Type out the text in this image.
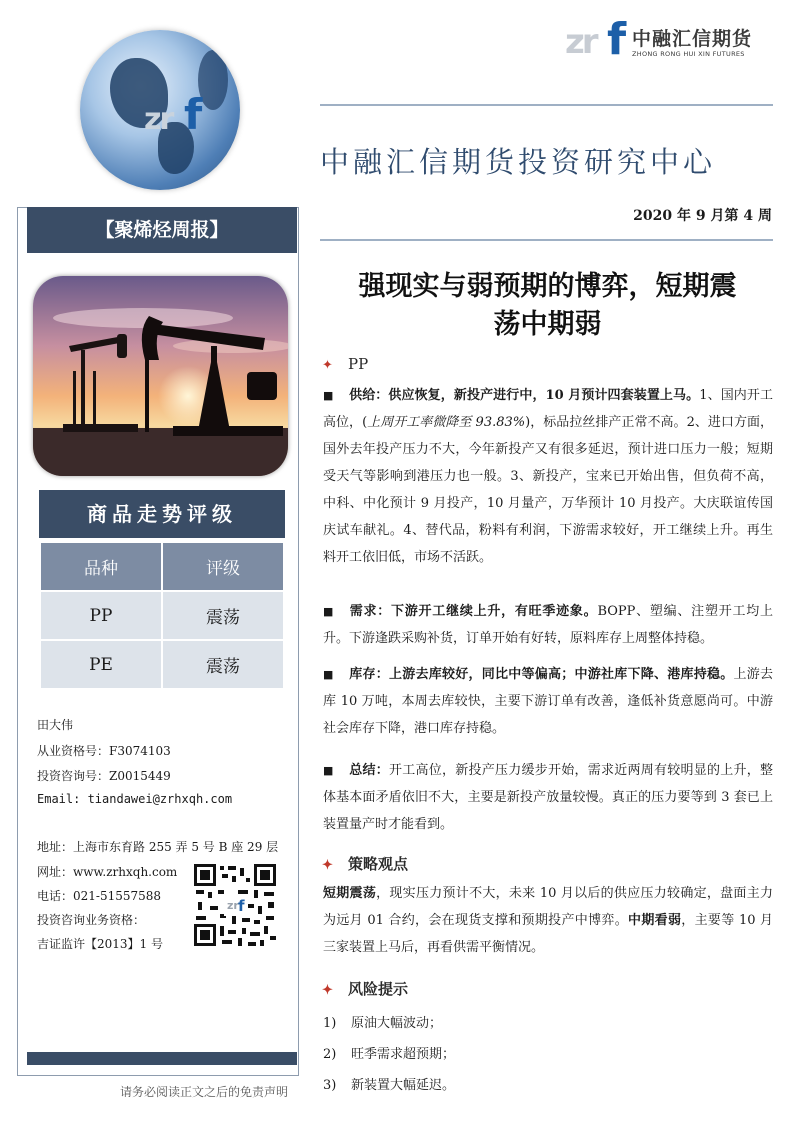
zr f
zr f 中融汇信期货
ZHONG RONG HUI XIN FUTURES
中融汇信期货投资研究中心
2020 年 9 月第 4 周
【聚烯烃周报】
商品走势评级
品种	评级
PP	震荡
PE	震荡
田大伟
从业资格号：F3074103
投资咨询号：Z0015449
Email: tiandawei@zrhxqh.com
地址：上海市东育路 255 弄 5 号 B 座 29 层
网址：www.zrhxqh.com
电话：021-51557588
投资咨询业务资格：
吉证监许【2013】1 号
zr f
请务必阅读正文之后的免责声明
强现实与弱预期的博弈，短期震
荡中期弱
✦ PP
■ 供给：供应恢复，新投产进行中，10 月预计四套装置上马。1、国内开工高位，(上周开工率微降至 93.83%)，标品拉丝排产正常不高。2、进口方面，国外去年投产压力不大，今年新投产又有很多延迟，预计进口压力一般；短期受天气等影响到港压力也一般。3、新投产，宝来已开始出售，但负荷不高，中科、中化预计 9 月投产，10 月量产，万华预计 10 月投产。大庆联谊传国庆试车献礼。4、替代品，粉料有利润，下游需求较好，开工继续上升。再生料开工依旧低，市场不活跃。
■ 需求：下游开工继续上升，有旺季迹象。BOPP、塑编、注塑开工均上升。下游逢跌采购补货，订单开始有好转，原料库存上周整体持稳。
■ 库存：上游去库较好，同比中等偏高；中游社库下降、港库持稳。上游去库 10 万吨，本周去库较快，主要下游订单有改善，逢低补货意愿尚可。中游社会库存下降，港口库存持稳。
■ 总结：开工高位，新投产压力缓步开始，需求近两周有较明显的上升，整体基本面矛盾依旧不大，主要是新投产放量较慢。真正的压力要等到 3 套已上装置量产时才能看到。
✦ 策略观点
短期震荡，现实压力预计不大，未来 10 月以后的供应压力较确定，盘面主力为远月 01 合约，会在现货支撑和预期投产中博弈。中期看弱，主要等 10 月三家装置上马后，再看供需平衡情况。
✦ 风险提示
1) 原油大幅波动；
2) 旺季需求超预期；
3) 新装置大幅延迟。
